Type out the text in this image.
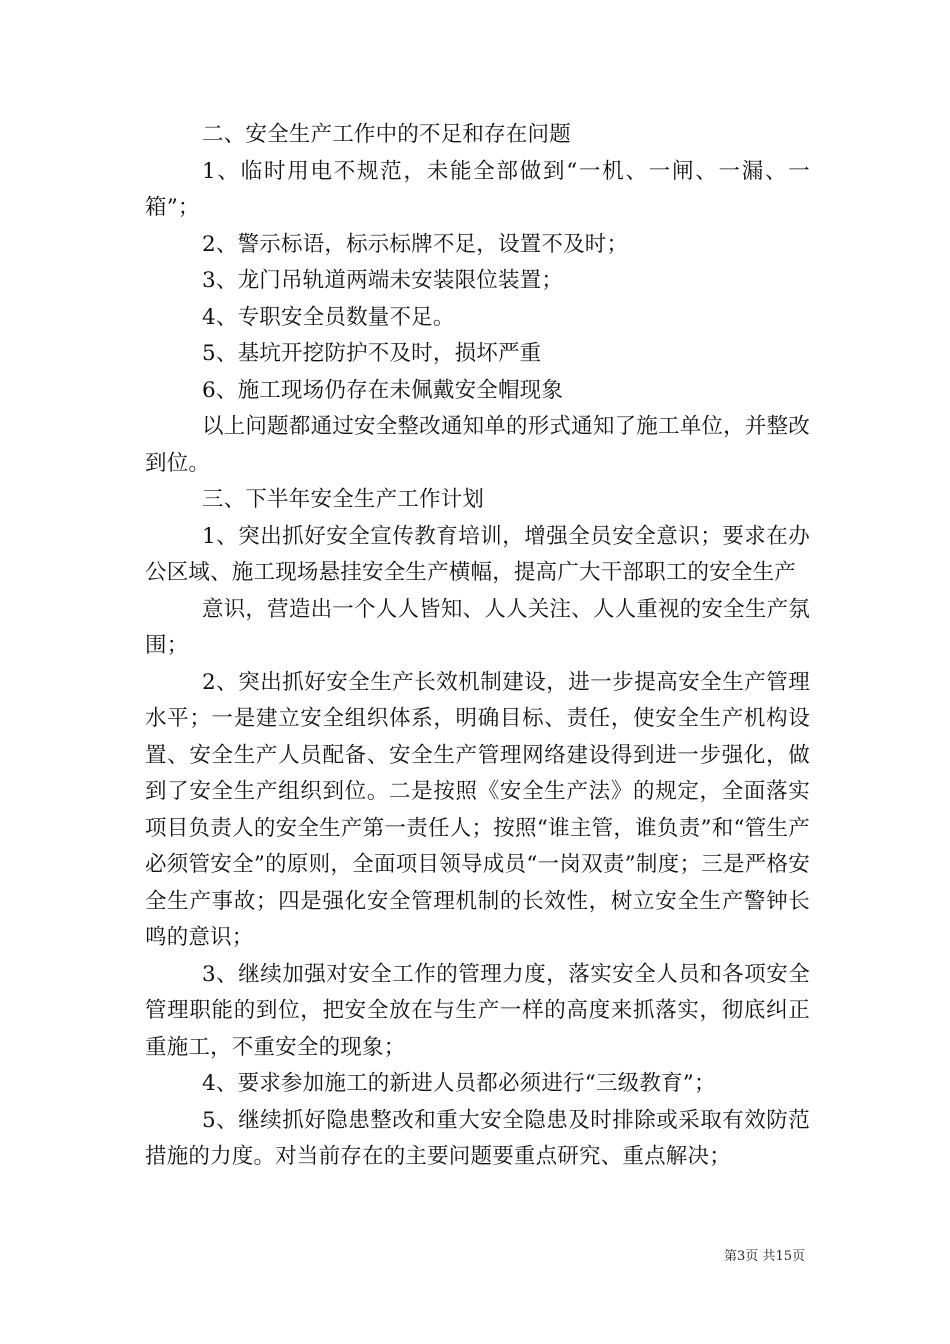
二、安全生产工作中的不足和存在问题

1、临时用电不规范，未能全部做到“一机、一闸、一漏、一箱”；

2、警示标语，标示标牌不足，设置不及时；

3、龙门吊轨道两端未安装限位装置；

4、专职安全员数量不足。

5、基坑开挖防护不及时，损坏严重

6、施工现场仍存在未佩戴安全帽现象

以上问题都通过安全整改通知单的形式通知了施工单位，并整改到位。

三、下半年安全生产工作计划

1、突出抓好安全宣传教育培训，增强全员安全意识；要求在办公区域、施工现场悬挂安全生产横幅，提高广大干部职工的安全生产

意识，营造出一个人人皆知、人人关注、人人重视的安全生产氛围；

2、突出抓好安全生产长效机制建设，进一步提高安全生产管理水平；一是建立安全组织体系，明确目标、责任，使安全生产机构设置、安全生产人员配备、安全生产管理网络建设得到进一步强化，做到了安全生产组织到位。二是按照《安全生产法》的规定，全面落实项目负责人的安全生产第一责任人；按照“谁主管，谁负责”和“管生产必须管安全”的原则，全面项目领导成员“一岗双责”制度；三是严格安全生产事故；四是强化安全管理机制的长效性，树立安全生产警钟长鸣的意识；

3、继续加强对安全工作的管理力度，落实安全人员和各项安全管理职能的到位，把安全放在与生产一样的高度来抓落实，彻底纠正重施工，不重安全的现象；

4、要求参加施工的新进人员都必须进行“三级教育”；

5、继续抓好隐患整改和重大安全隐患及时排除或采取有效防范措施的力度。对当前存在的主要问题要重点研究、重点解决；

第3页 共15页
